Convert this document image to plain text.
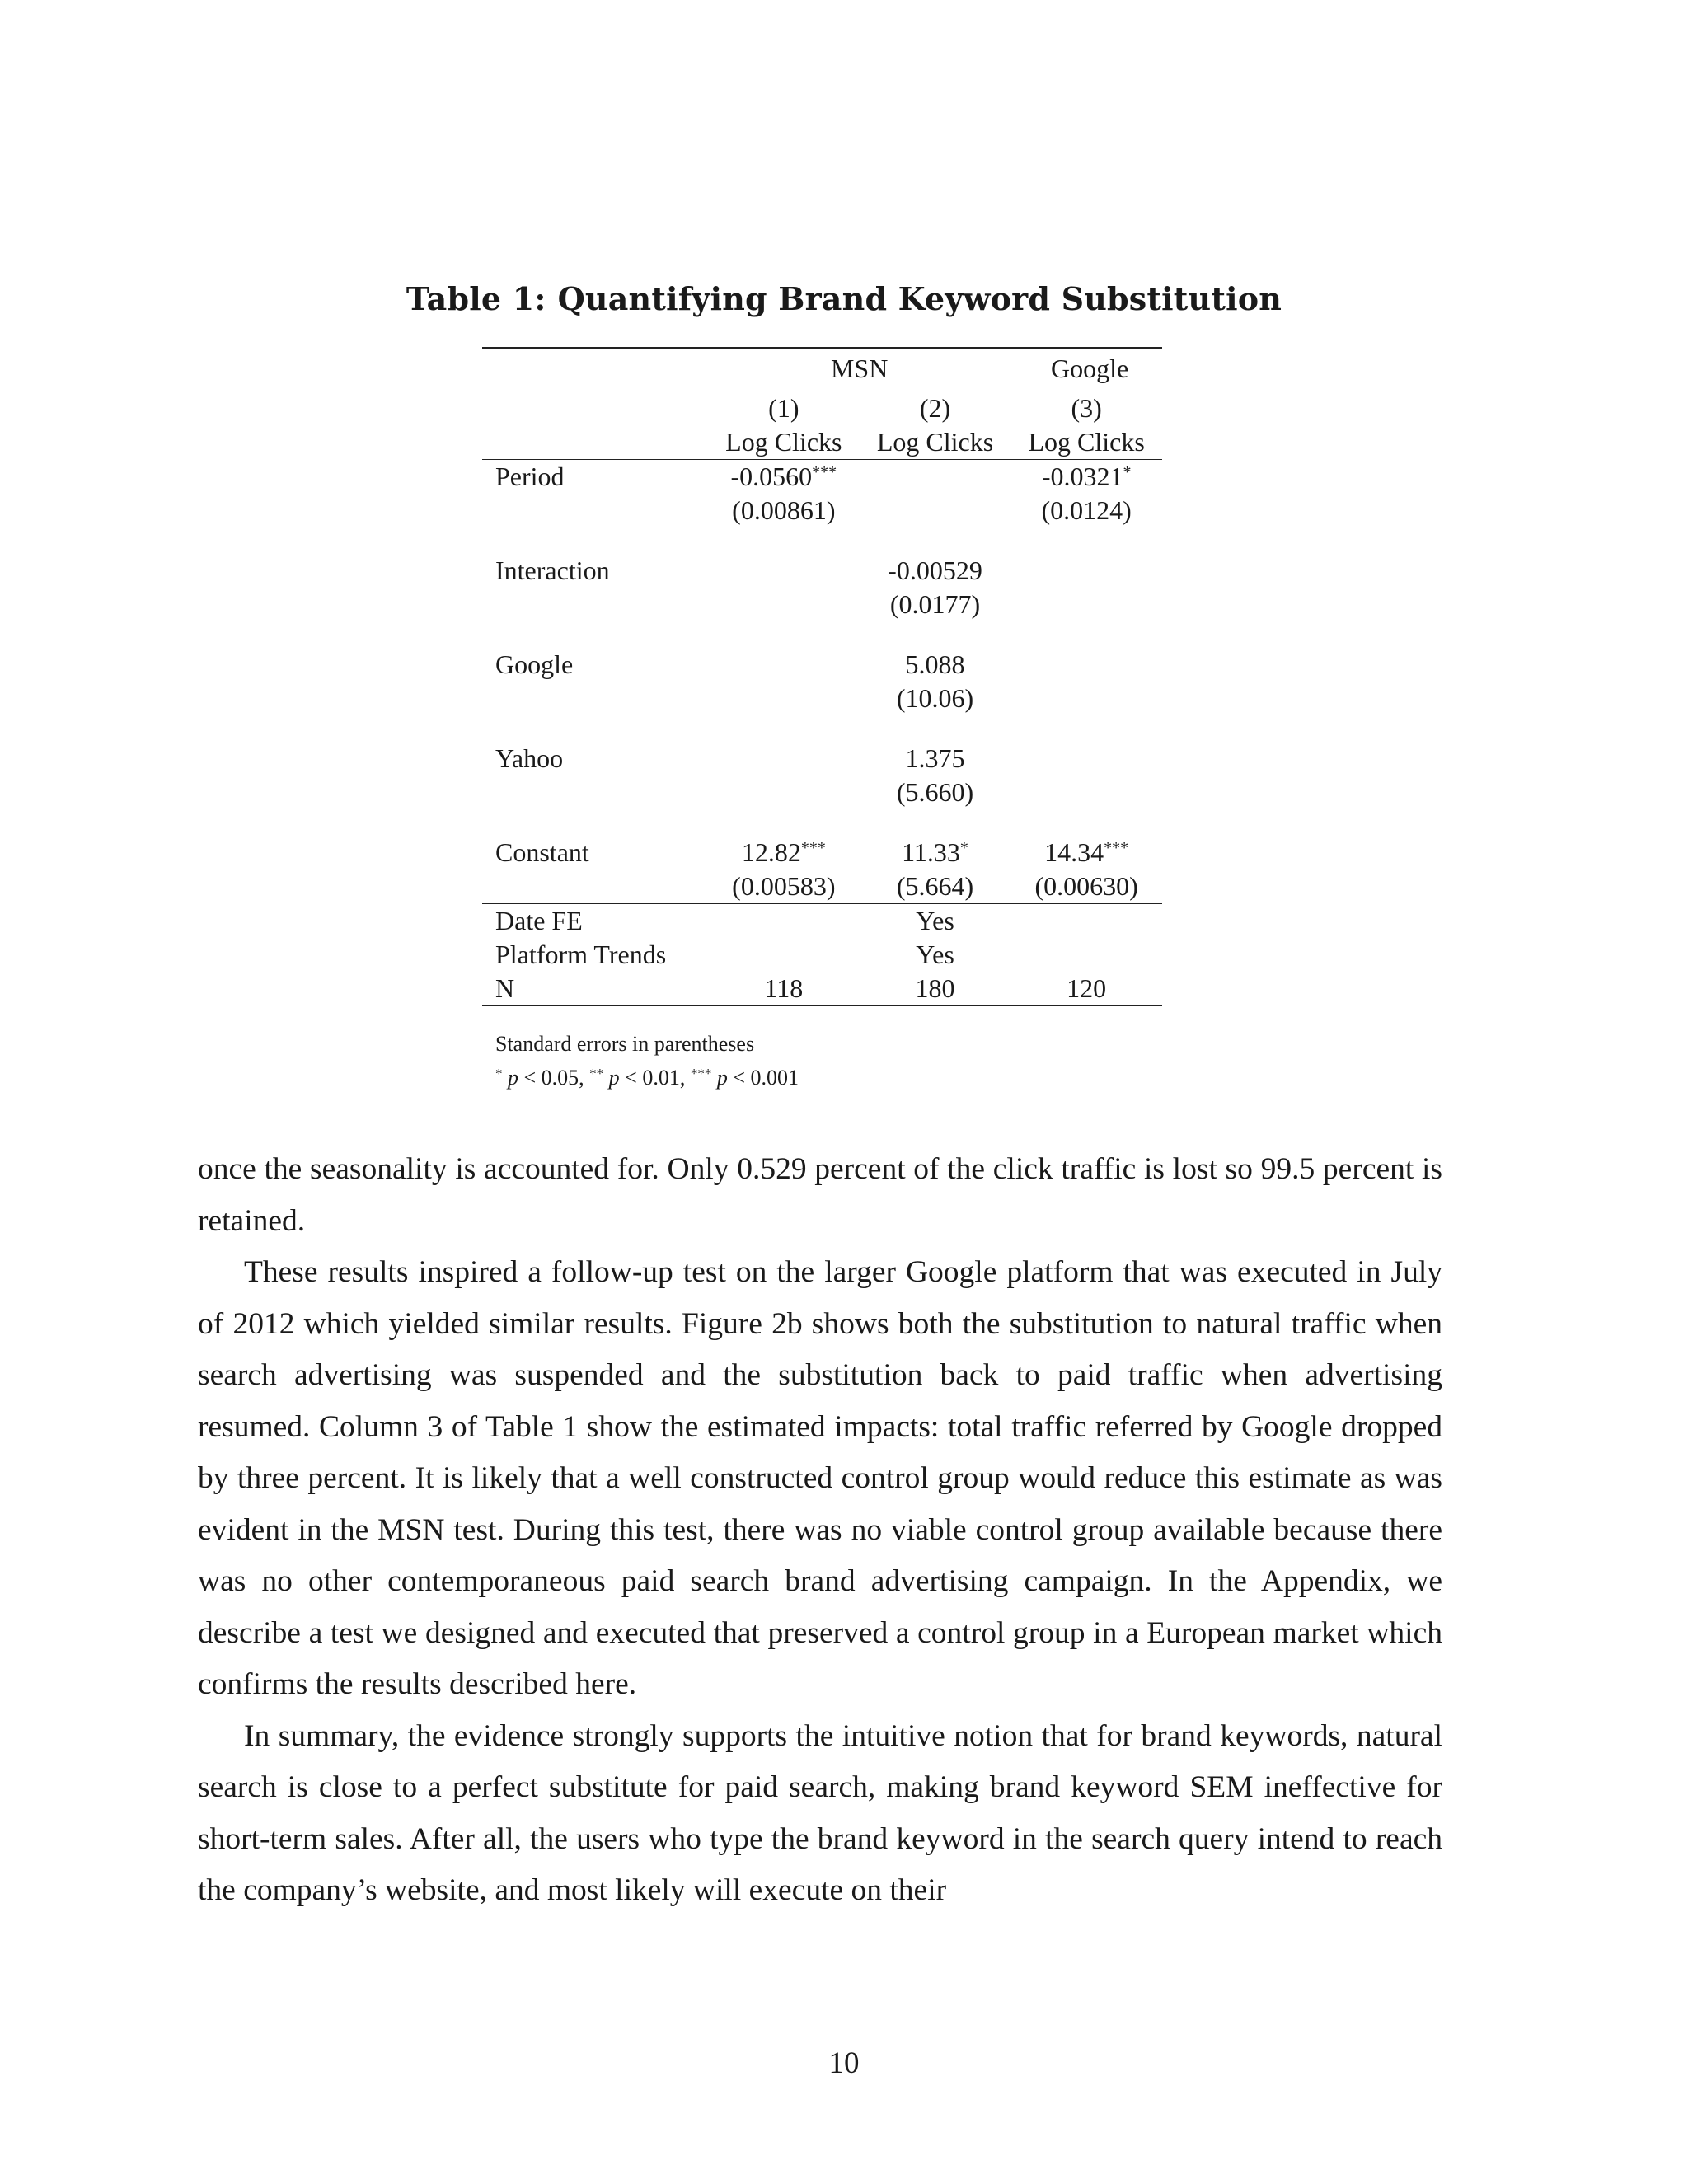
Table 1: Quantifying Brand Keyword Substitution

	MSN		Google
	(1)	(2)	(3)
	Log Clicks	Log Clicks	Log Clicks
Period	-0.0560***		-0.0321*
	(0.00861)		(0.0124)

Interaction		-0.00529	
		(0.0177)	

Google		5.088	
		(10.06)	

Yahoo		1.375	
		(5.660)	

Constant	12.82***	11.33*	14.34***
	(0.00583)	(5.664)	(0.00630)
Date FE		Yes	
Platform Trends		Yes	
N	118	180	120

Standard errors in parentheses
* p < 0.05, ** p < 0.01, *** p < 0.001

once the seasonality is accounted for. Only 0.529 percent of the click traffic is lost so 99.5 percent is retained.

These results inspired a follow-up test on the larger Google platform that was executed in July of 2012 which yielded similar results. Figure 2b shows both the substitution to natural traffic when search advertising was suspended and the substitution back to paid traffic when advertising resumed. Column 3 of Table 1 show the estimated impacts: total traffic referred by Google dropped by three percent. It is likely that a well constructed control group would reduce this estimate as was evident in the MSN test. During this test, there was no viable control group available because there was no other contemporaneous paid search brand advertising campaign. In the Appendix, we describe a test we designed and executed that preserved a control group in a European market which confirms the results described here.

In summary, the evidence strongly supports the intuitive notion that for brand keywords, natural search is close to a perfect substitute for paid search, making brand keyword SEM ineffective for short-term sales. After all, the users who type the brand keyword in the search query intend to reach the company’s website, and most likely will execute on their

10
